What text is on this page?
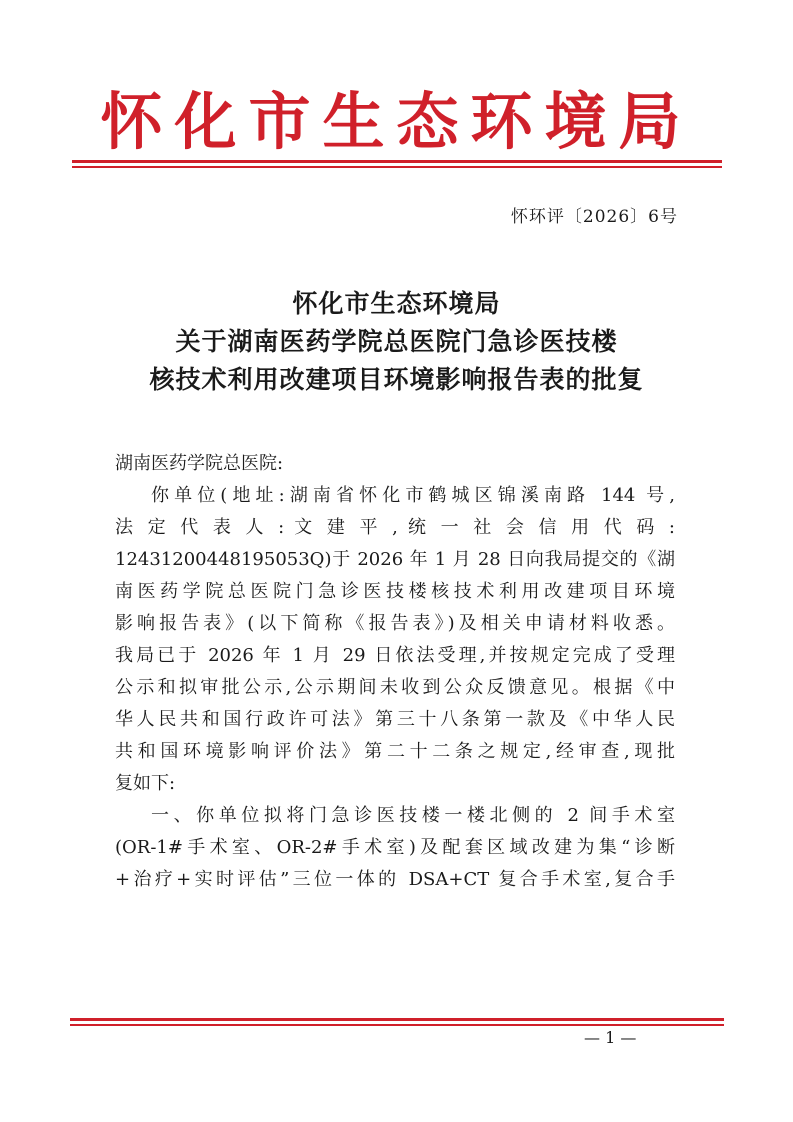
怀化市生态环境局
怀环评〔2026〕6号
怀化市生态环境局
关于湖南医药学院总医院门急诊医技楼
核技术利用改建项目环境影响报告表的批复

湖南医药学院总医院:

你单位(地址:湖南省怀化市鹤城区锦溪南路 144 号,
法 定 代 表 人 : 文 建 平 , 统 一 社 会 信 用 代 码 :
12431200448195053Q)于 2026 年 1 月 28 日向我局提交的《湖
南医药学院总医院门急诊医技楼核技术利用改建项目环境
影响报告表》(以下简称《报告表》)及相关申请材料收悉。
我局已于 2026 年 1 月 29 日依法受理,并按规定完成了受理
公示和拟审批公示,公示期间未收到公众反馈意见。根据《中
华人民共和国行政许可法》第三十八条第一款及《中华人民
共和国环境影响评价法》第二十二条之规定,经审查,现批
复如下:

一、你单位拟将门急诊医技楼一楼北侧的 2 间手术室
(OR-1#手术室、OR-2#手术室)及配套区域改建为集“诊断
+治疗+实时评估”三位一体的 DSA+CT 复合手术室,复合手

— 1 —
